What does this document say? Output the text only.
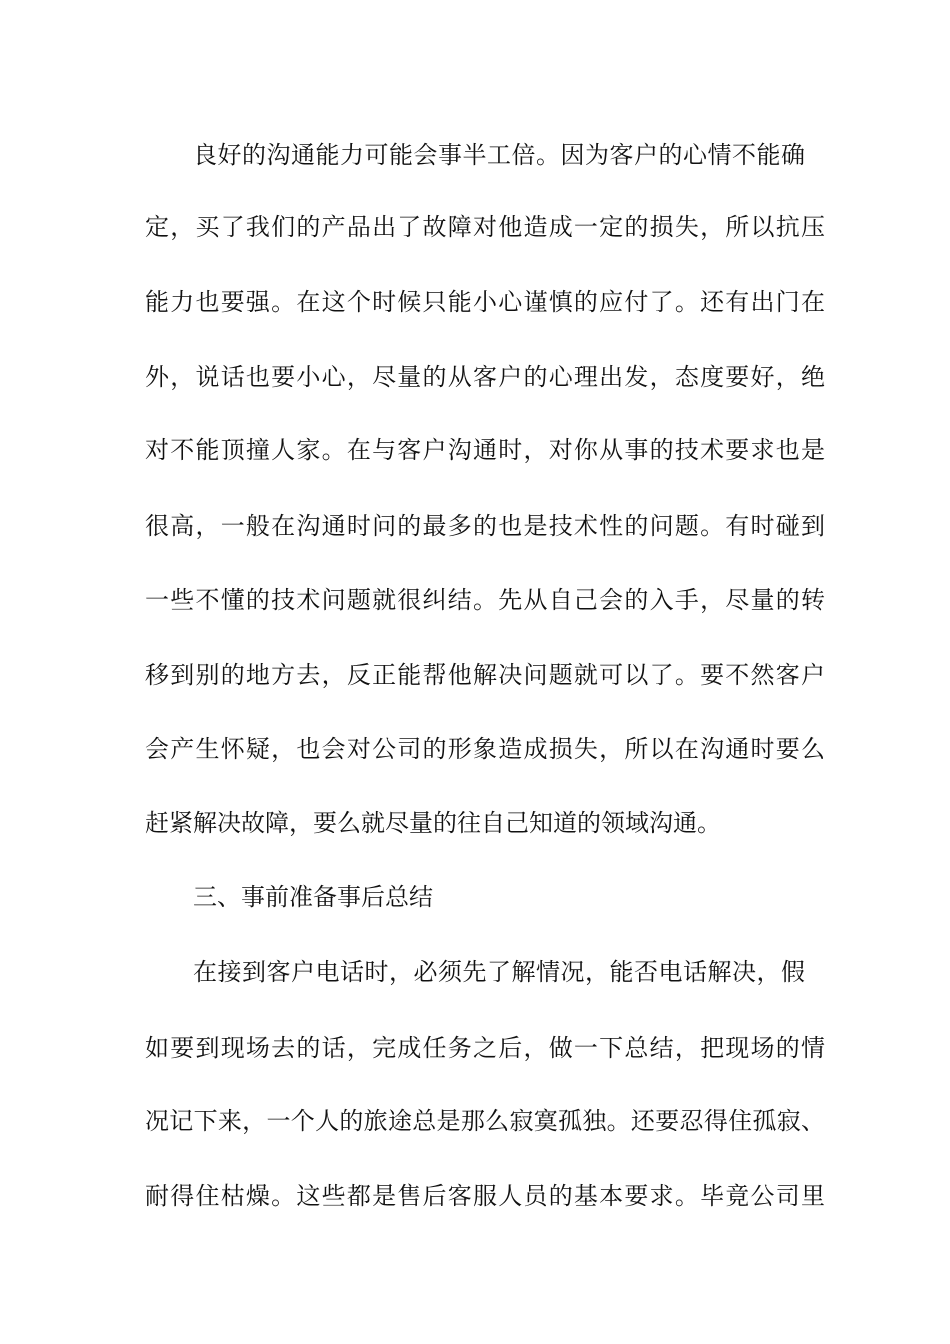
良好的沟通能力可能会事半工倍。因为客户的心情不能确
定，买了我们的产品出了故障对他造成一定的损失，所以抗压
能力也要强。在这个时候只能小心谨慎的应付了。还有出门在
外，说话也要小心，尽量的从客户的心理出发，态度要好，绝
对不能顶撞人家。在与客户沟通时，对你从事的技术要求也是
很高，一般在沟通时问的最多的也是技术性的问题。有时碰到
一些不懂的技术问题就很纠结。先从自己会的入手，尽量的转
移到别的地方去，反正能帮他解决问题就可以了。要不然客户
会产生怀疑，也会对公司的形象造成损失，所以在沟通时要么
赶紧解决故障，要么就尽量的往自己知道的领域沟通。
三、事前准备事后总结
在接到客户电话时，必须先了解情况，能否电话解决，假
如要到现场去的话，完成任务之后，做一下总结，把现场的情
况记下来，一个人的旅途总是那么寂寞孤独。还要忍得住孤寂、
耐得住枯燥。这些都是售后客服人员的基本要求。毕竟公司里
